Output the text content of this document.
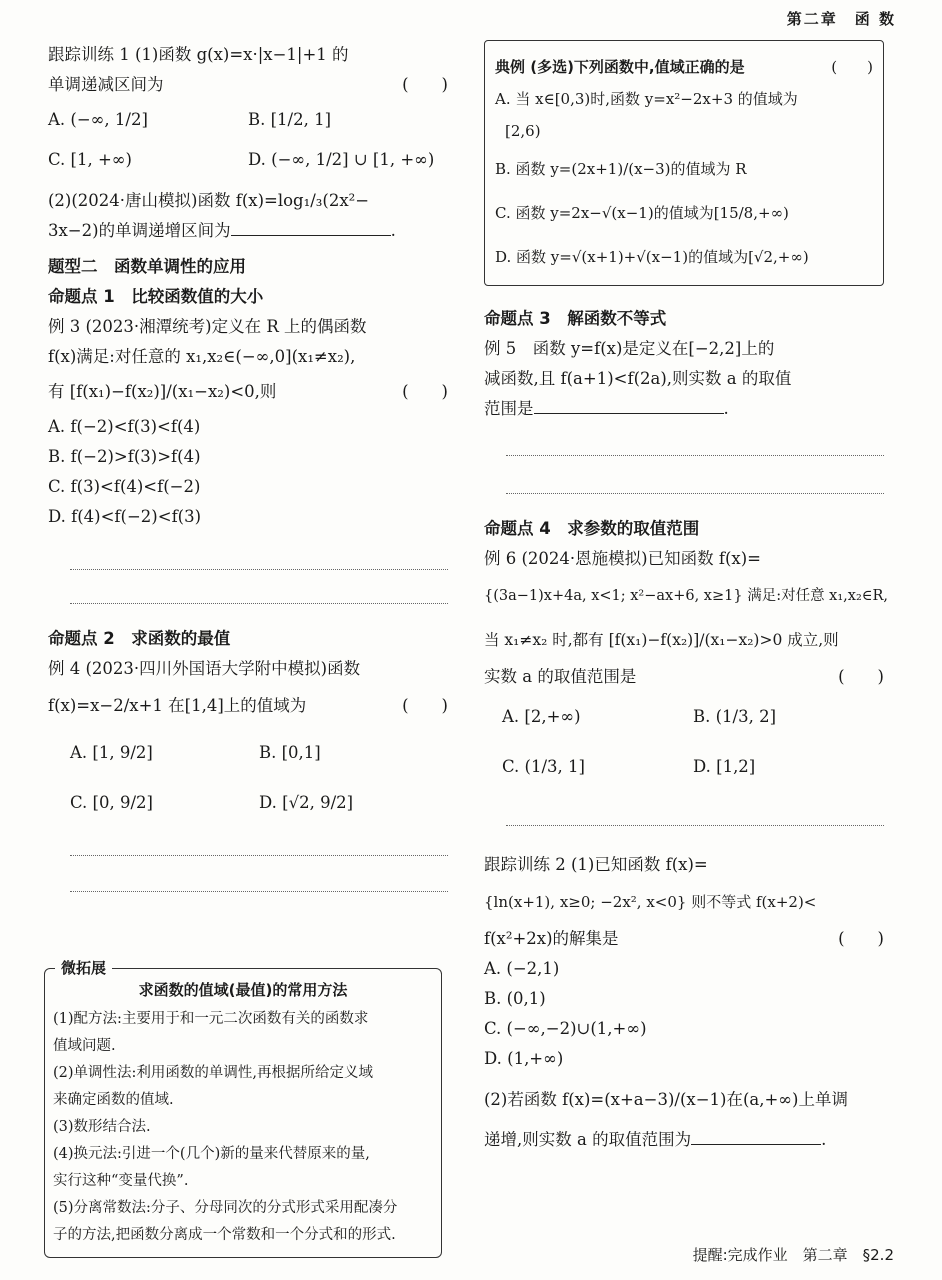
第二章　函 数
跟踪训练 1 (1)函数 g(x)=x·|x−1|+1 的
单调递减区间为	(　　)
A. (−∞, 1/2]	B. [1/2, 1]
C. [1, +∞)	D. (−∞, 1/2] ∪ [1, +∞)
(2)(2024·唐山模拟)函数 f(x)=log₁/₃(2x²−
3x−2)的单调递增区间为	.
题型二　函数单调性的应用
命题点 1　比较函数值的大小
例 3 (2023·湘潭统考)定义在 R 上的偶函数
f(x)满足:对任意的 x₁,x₂∈(−∞,0](x₁≠x₂),
有 [f(x₁)−f(x₂)]/(x₁−x₂)<0,则	(　　)
A. f(−2)<f(3)<f(4)
B. f(−2)>f(3)>f(4)
C. f(3)<f(4)<f(−2)
D. f(4)<f(−2)<f(3)
命题点 2　求函数的最值
例 4 (2023·四川外国语大学附中模拟)函数
f(x)=x−2/x+1 在[1,4]上的值域为	(　　)
A. [1, 9/2]	B. [0,1]
C. [0, 9/2]	D. [√2, 9/2]
微拓展
求函数的值域(最值)的常用方法
(1)配方法:主要用于和一元二次函数有关的函数求
值域问题.
(2)单调性法:利用函数的单调性,再根据所给定义域
来确定函数的值域.
(3)数形结合法.
(4)换元法:引进一个(几个)新的量来代替原来的量,
实行这种“变量代换”.
(5)分离常数法:分子、分母同次的分式形式采用配凑分
子的方法,把函数分离成一个常数和一个分式和的形式.
典例 (多选)下列函数中,值域正确的是	(　　)
A. 当 x∈[0,3)时,函数 y=x²−2x+3 的值域为
[2,6)
B. 函数 y=(2x+1)/(x−3)的值域为 R
C. 函数 y=2x−√(x−1)的值域为[15/8,+∞)
D. 函数 y=√(x+1)+√(x−1)的值域为[√2,+∞)
命题点 3　解函数不等式
例 5　函数 y=f(x)是定义在[−2,2]上的
减函数,且 f(a+1)<f(2a),则实数 a 的取值
范围是	.
命题点 4　求参数的取值范围
例 6 (2024·恩施模拟)已知函数 f(x)=
{(3a−1)x+4a, x<1; x²−ax+6, x≥1} 满足:对任意 x₁,x₂∈R,
当 x₁≠x₂ 时,都有 [f(x₁)−f(x₂)]/(x₁−x₂)>0 成立,则
实数 a 的取值范围是	(　　)
A. [2,+∞)	B. (1/3, 2]
C. (1/3, 1]	D. [1,2]
跟踪训练 2 (1)已知函数 f(x)=
{ln(x+1), x≥0; −2x², x<0} 则不等式 f(x+2)<
f(x²+2x)的解集是	(　　)
A. (−2,1)
B. (0,1)
C. (−∞,−2)∪(1,+∞)
D. (1,+∞)
(2)若函数 f(x)=(x+a−3)/(x−1)在(a,+∞)上单调
递增,则实数 a 的取值范围为	.
提醒:完成作业　第二章　§2.2
